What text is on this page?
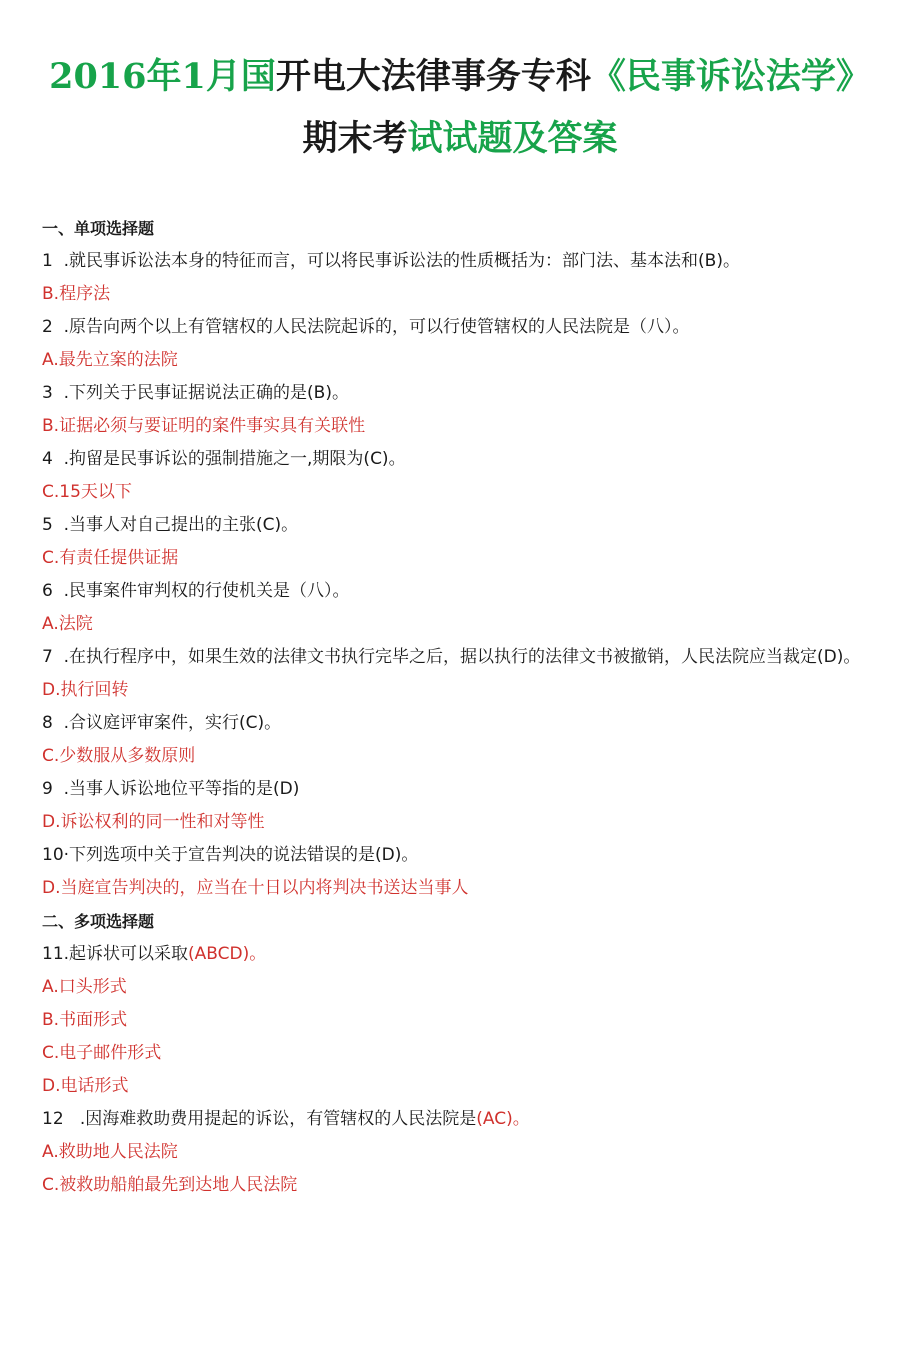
2016年1月国开电大法律事务专科《民事诉讼法学》
期末考试试题及答案

一、单项选择题

1  .就民事诉讼法本身的特征而言，可以将民事诉讼法的性质概括为：部门法、基本法和(B)。

B.程序法

2  .原告向两个以上有管辖权的人民法院起诉的，可以行使管辖权的人民法院是（八）。

A.最先立案的法院

3  .下列关于民事证据说法正确的是(B)。

B.证据必须与要证明的案件事实具有关联性

4  .拘留是民事诉讼的强制措施之一,期限为(C)。

C.15天以下

5  .当事人对自己提出的主张(C)。

C.有责任提供证据

6  .民事案件审判权的行使机关是（八）。

A.法院

7  .在执行程序中，如果生效的法律文书执行完毕之后，据以执行的法律文书被撤销，人民法院应当裁定(D)。

D.执行回转

8  .合议庭评审案件，实行(C)。

C.少数服从多数原则

9  .当事人诉讼地位平等指的是(D)

D.诉讼权利的同一性和对等性

10·下列选项中关于宣告判决的说法错误的是(D)。

D.当庭宣告判决的，应当在十日以内将判决书送达当事人

二、多项选择题

11.起诉状可以采取(ABCD)。

A.口头形式

B.书面形式

C.电子邮件形式

D.电话形式

12   .因海难救助费用提起的诉讼，有管辖权的人民法院是(AC)。

A.救助地人民法院

C.被救助船舶最先到达地人民法院
